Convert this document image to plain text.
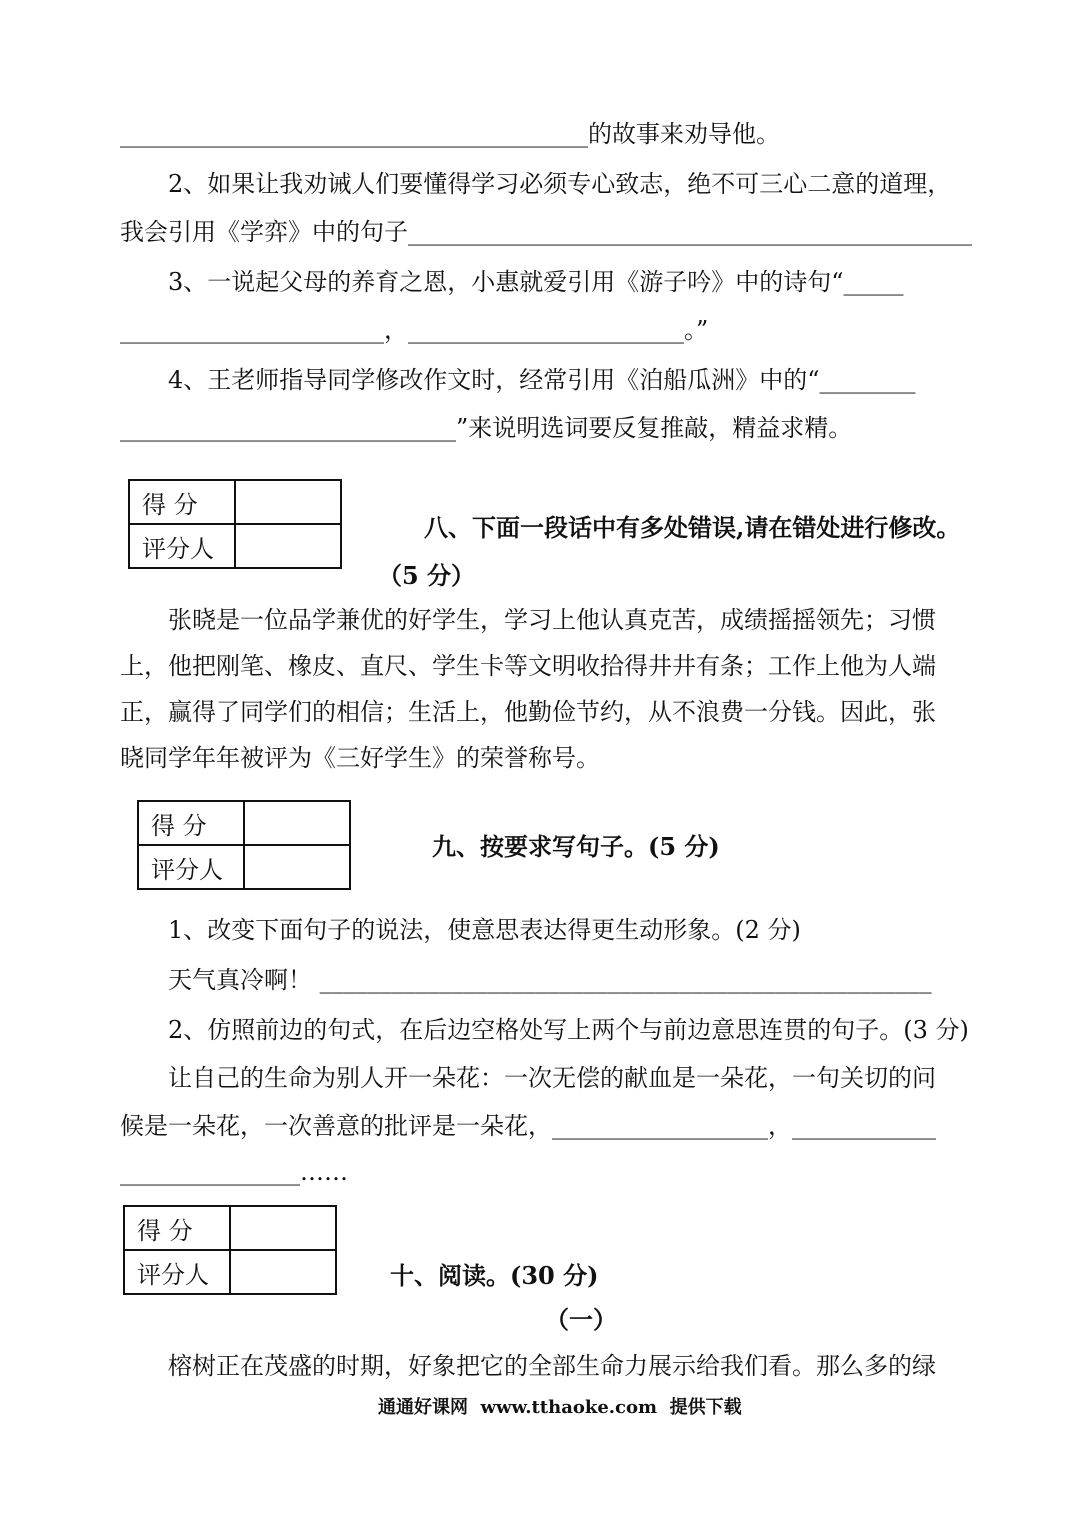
_______________________________________的故事来劝导他。
2、如果让我劝诫人们要懂得学习必须专心致志，绝不可三心二意的道理，
我会引用《学弈》中的句子_______________________________________________
3、一说起父母的养育之恩，小惠就爱引用《游子吟》中的诗句“_____
______________________，_______________________。”
4、王老师指导同学修改作文时，经常引用《泊船瓜洲》中的“________
____________________________”来说明选词要反复推敲，精益求精。
得 分	
评分人	
八、下面一段话中有多处错误,请在错处进行修改。
（5 分）
张晓是一位品学兼优的好学生，学习上他认真克苦，成绩摇摇领先；习惯
上，他把刚笔、橡皮、直尺、学生卡等文明收拾得井井有条；工作上他为人端
正，赢得了同学们的相信；生活上，他勤俭节约，从不浪费一分钱。因此，张
晓同学年年被评为《三好学生》的荣誉称号。
得 分	
评分人	
九、按要求写句子。(5 分)
1、改变下面句子的说法，使意思表达得更生动形象。(2 分)
天气真冷啊！ ___________________________________________________
2、仿照前边的句式，在后边空格处写上两个与前边意思连贯的句子。(3 分)
让自己的生命为别人开一朵花：一次无偿的献血是一朵花，一句关切的问
候是一朵花，一次善意的批评是一朵花，__________________，____________
_______________……
得 分	
评分人		十、阅读。(30 分)
（一）
榕树正在茂盛的时期，好象把它的全部生命力展示给我们看。那么多的绿
通通好课网  www.tthaoke.com  提供下载
